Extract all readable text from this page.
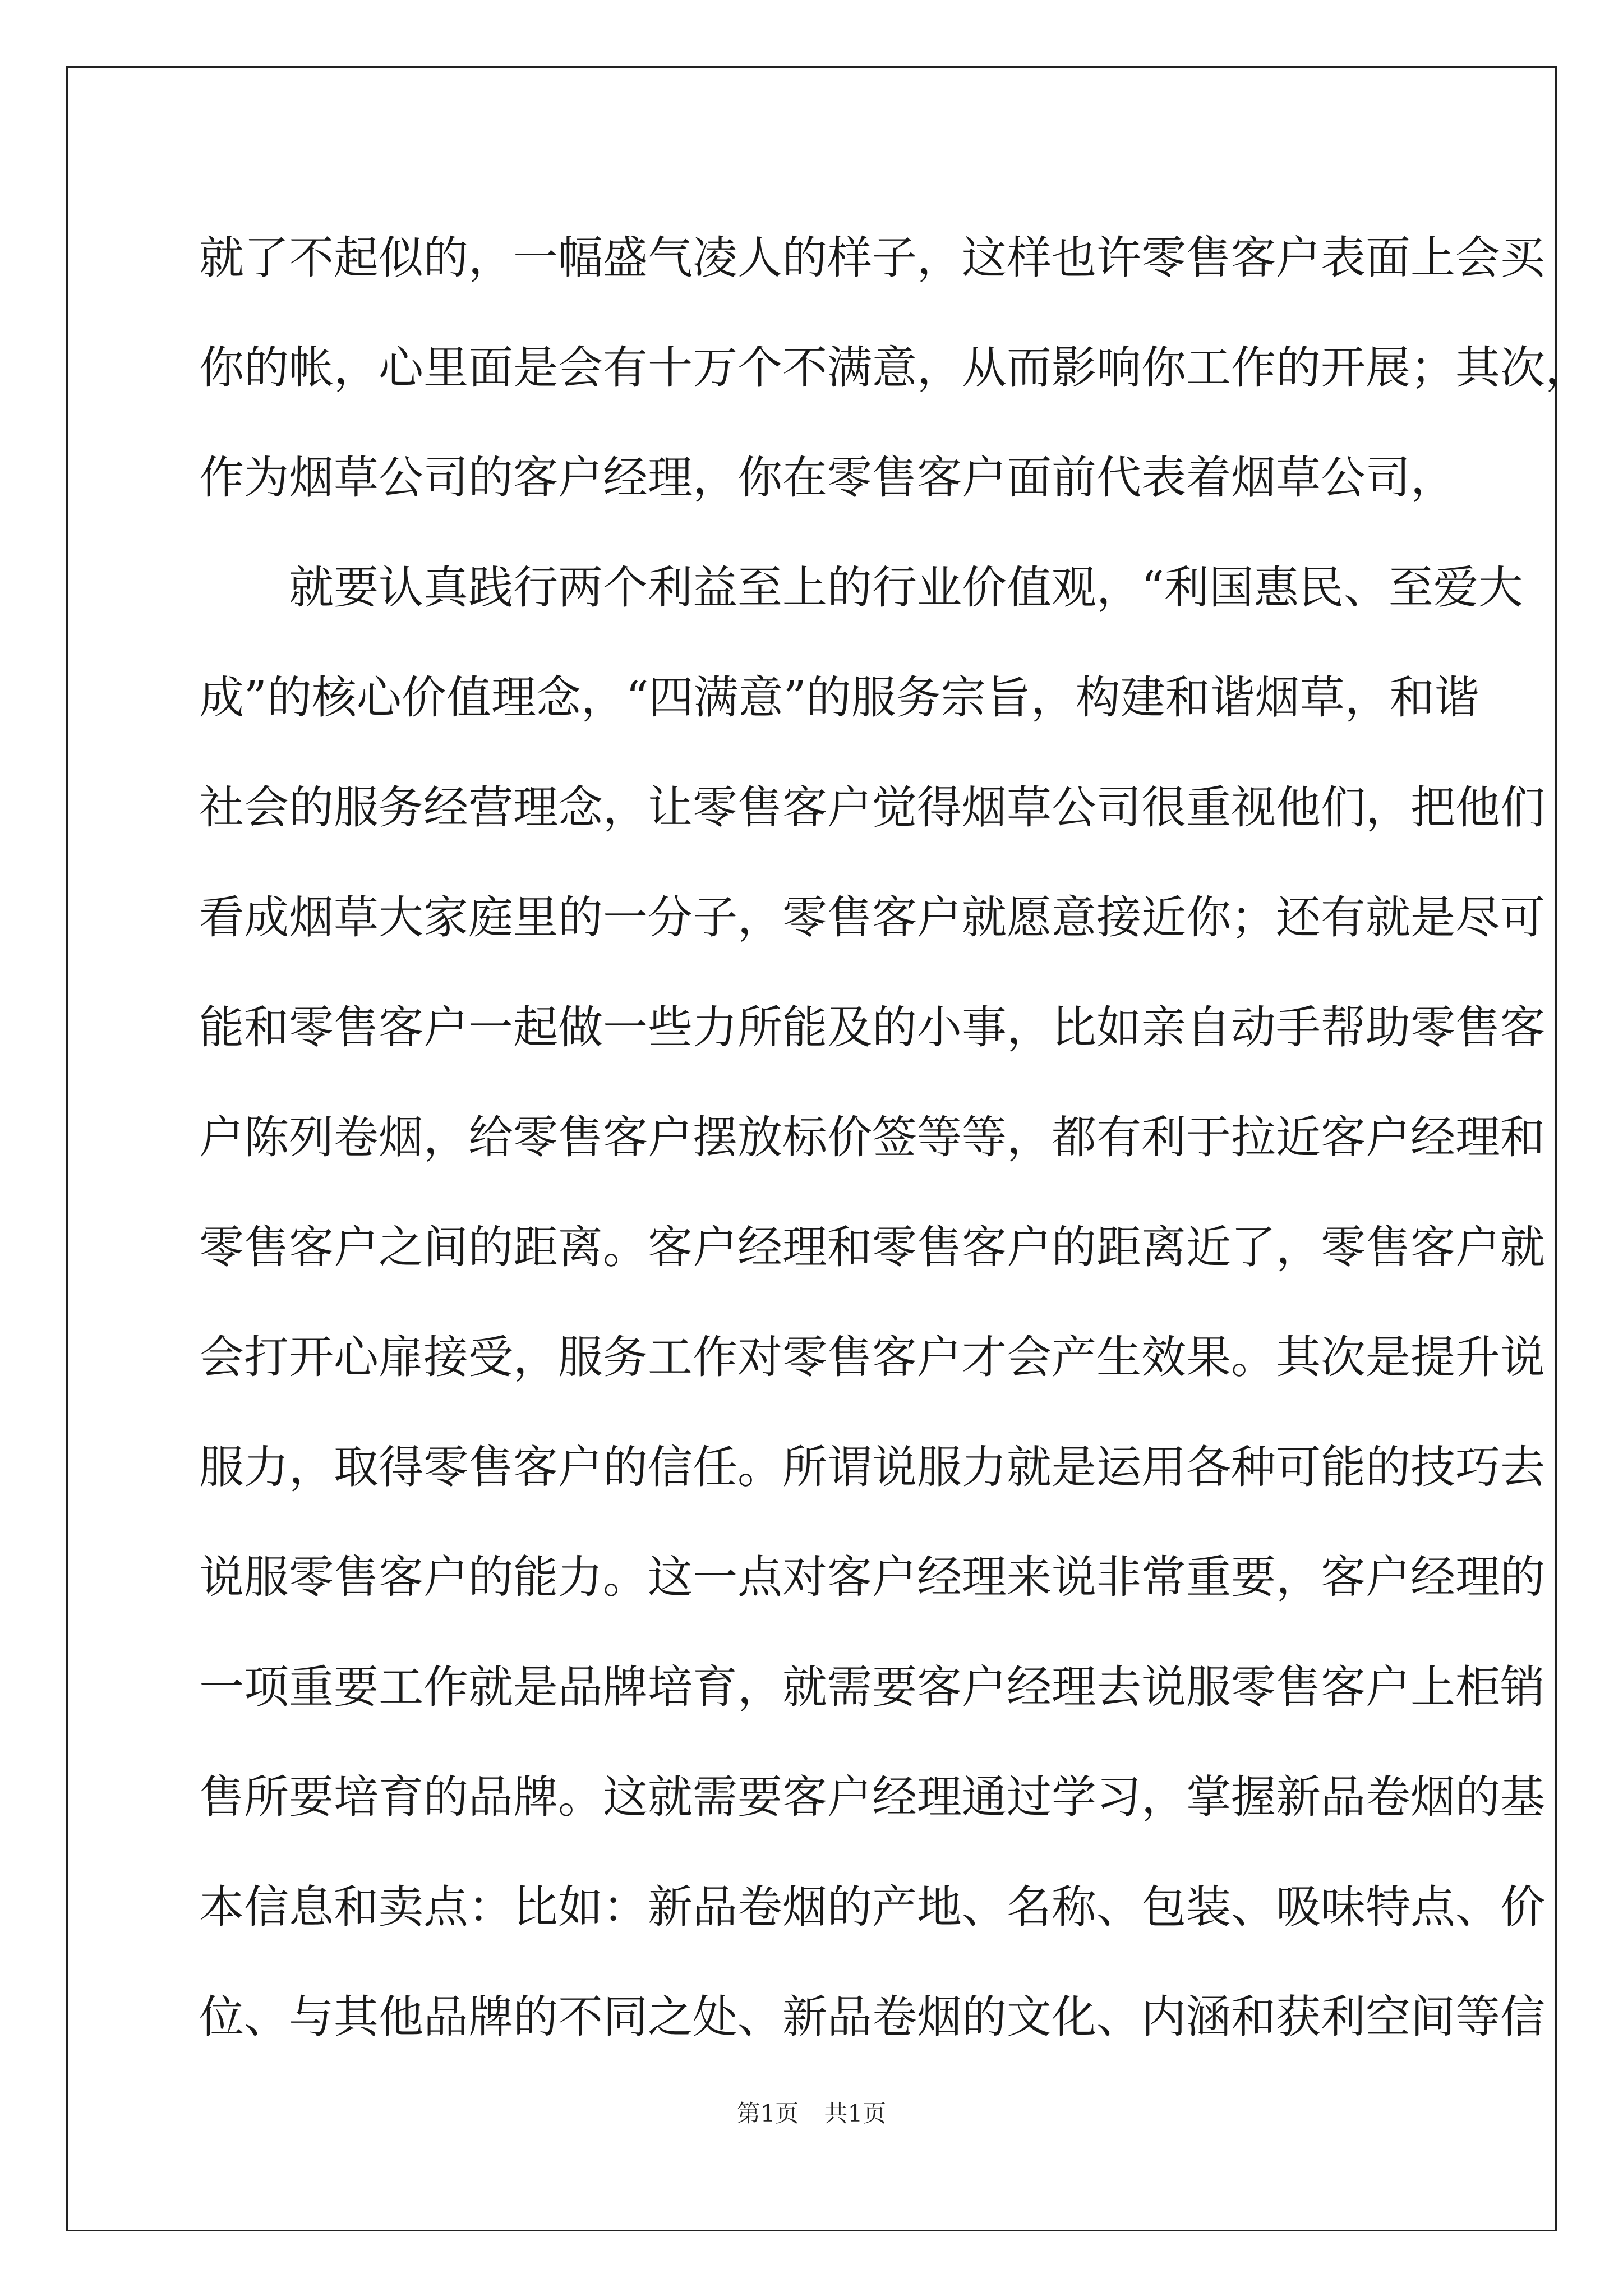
就了不起似的，一幅盛气凌人的样子，这样也许零售客户表面上会买
你的帐，心里面是会有十万个不满意，从而影响你工作的开展；其次，
作为烟草公司的客户经理，你在零售客户面前代表着烟草公司，
就要认真践行两个利益至上的行业价值观，“利国惠民、至爱大
成”的核心价值理念，“四满意”的服务宗旨，构建和谐烟草，和谐
社会的服务经营理念，让零售客户觉得烟草公司很重视他们，把他们
看成烟草大家庭里的一分子，零售客户就愿意接近你；还有就是尽可
能和零售客户一起做一些力所能及的小事，比如亲自动手帮助零售客
户陈列卷烟，给零售客户摆放标价签等等，都有利于拉近客户经理和
零售客户之间的距离。客户经理和零售客户的距离近了，零售客户就
会打开心扉接受，服务工作对零售客户才会产生效果。其次是提升说
服力，取得零售客户的信任。所谓说服力就是运用各种可能的技巧去
说服零售客户的能力。这一点对客户经理来说非常重要，客户经理的
一项重要工作就是品牌培育，就需要客户经理去说服零售客户上柜销
售所要培育的品牌。这就需要客户经理通过学习，掌握新品卷烟的基
本信息和卖点：比如：新品卷烟的产地、名称、包装、吸味特点、价
位、与其他品牌的不同之处、新品卷烟的文化、内涵和获利空间等信
第1页 共1页
